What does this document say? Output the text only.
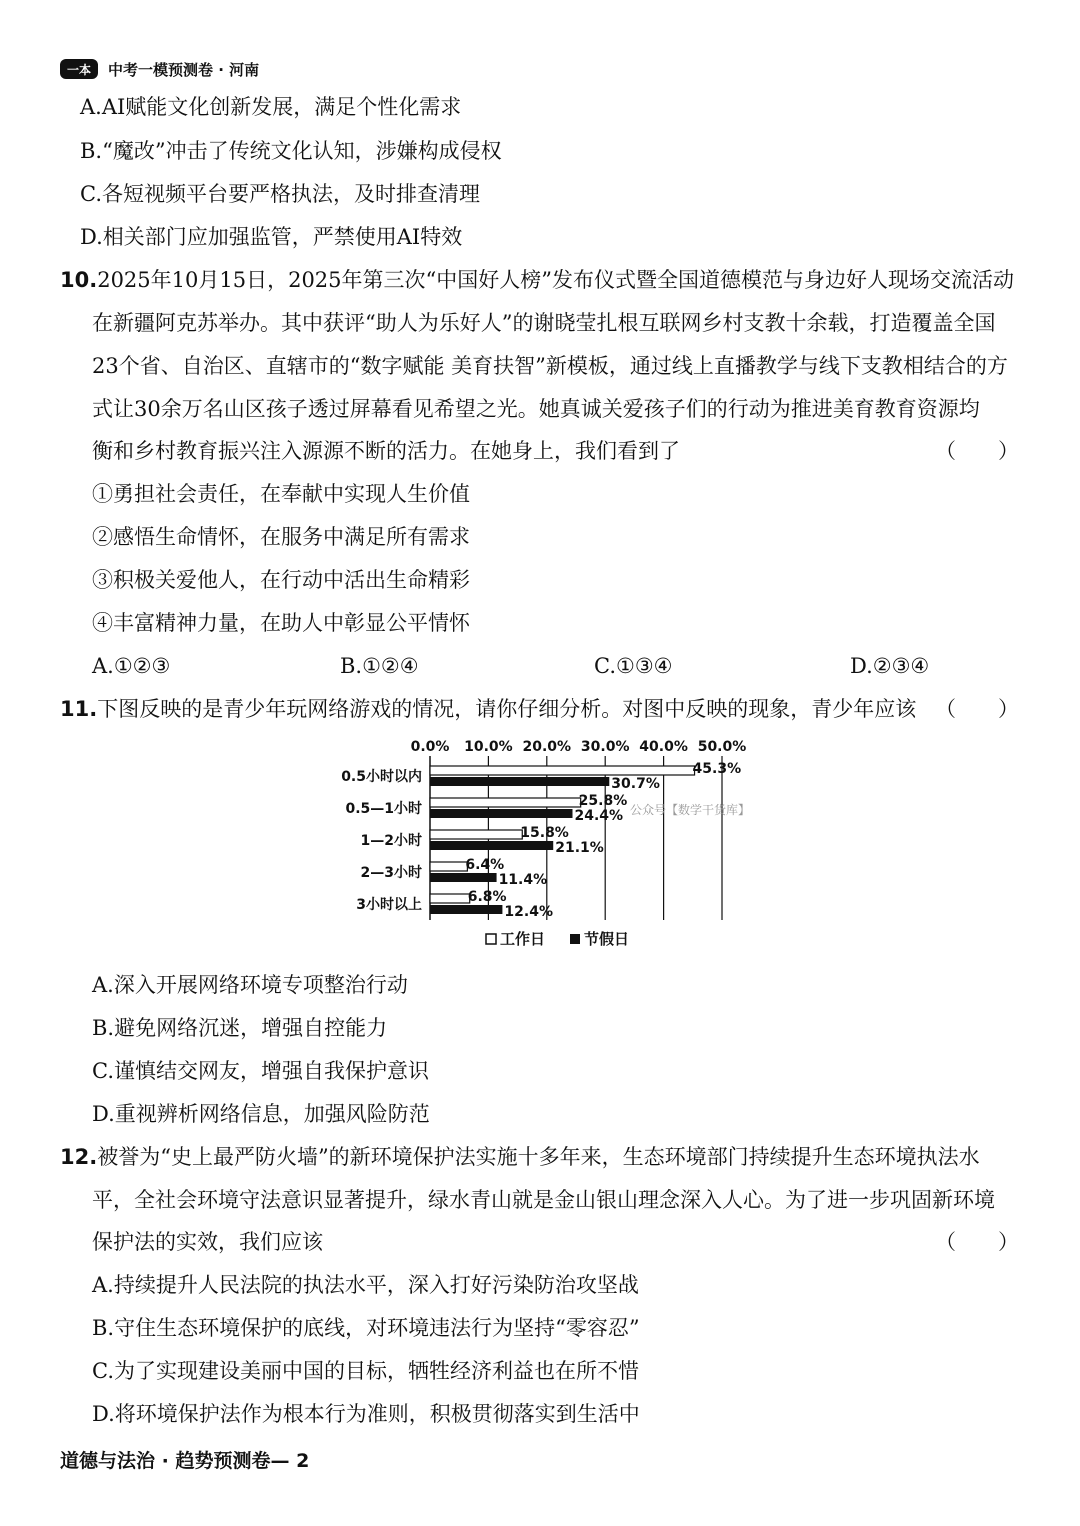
一本	中考一模预测卷 · 河南
A.AI赋能文化创新发展，满足个性化需求
B.“魔改”冲击了传统文化认知，涉嫌构成侵权
C.各短视频平台要严格执法，及时排查清理
D.相关部门应加强监管，严禁使用AI特效
10.2025年10月15日，2025年第三次“中国好人榜”发布仪式暨全国道德模范与身边好人现场交流活动
在新疆阿克苏举办。其中获评“助人为乐好人”的谢晓莹扎根互联网乡村支教十余载，打造覆盖全国
23个省、自治区、直辖市的“数字赋能 美育扶智”新模板，通过线上直播教学与线下支教相结合的方
式让30余万名山区孩子透过屏幕看见希望之光。她真诚关爱孩子们的行动为推进美育教育资源均
衡和乡村教育振兴注入源源不断的活力。在她身上，我们看到了	（　　）
①勇担社会责任，在奉献中实现人生价值
②感悟生命情怀，在服务中满足所有需求
③积极关爱他人，在行动中活出生命精彩
④丰富精神力量，在助人中彰显公平情怀
A.①②③	B.①②④	C.①③④	D.②③④
11.下图反映的是青少年玩网络游戏的情况，请你仔细分析。对图中反映的现象，青少年应该 （　　）
0.0% 10.0% 20.0% 30.0% 40.0% 50.0%
0.5小时以内	45.3%
30.7%
0.5—1小时	25.8%
24.4%
1—2小时	15.8%
21.1%
2—3小时	6.4%
11.4%
3小时以上	6.8%
12.4%
公众号【数学干货库】
工作日	节假日
A.深入开展网络环境专项整治行动
B.避免网络沉迷，增强自控能力
C.谨慎结交网友，增强自我保护意识
D.重视辨析网络信息，加强风险防范
12.被誉为“史上最严防火墙”的新环境保护法实施十多年来，生态环境部门持续提升生态环境执法水
平，全社会环境守法意识显著提升，绿水青山就是金山银山理念深入人心。为了进一步巩固新环境
保护法的实效，我们应该	（　　）
A.持续提升人民法院的执法水平，深入打好污染防治攻坚战
B.守住生态环境保护的底线，对环境违法行为坚持“零容忍”
C.为了实现建设美丽中国的目标，牺牲经济利益也在所不惜
D.将环境保护法作为根本行为准则，积极贯彻落实到生活中
道德与法治 · 趋势预测卷— 2
